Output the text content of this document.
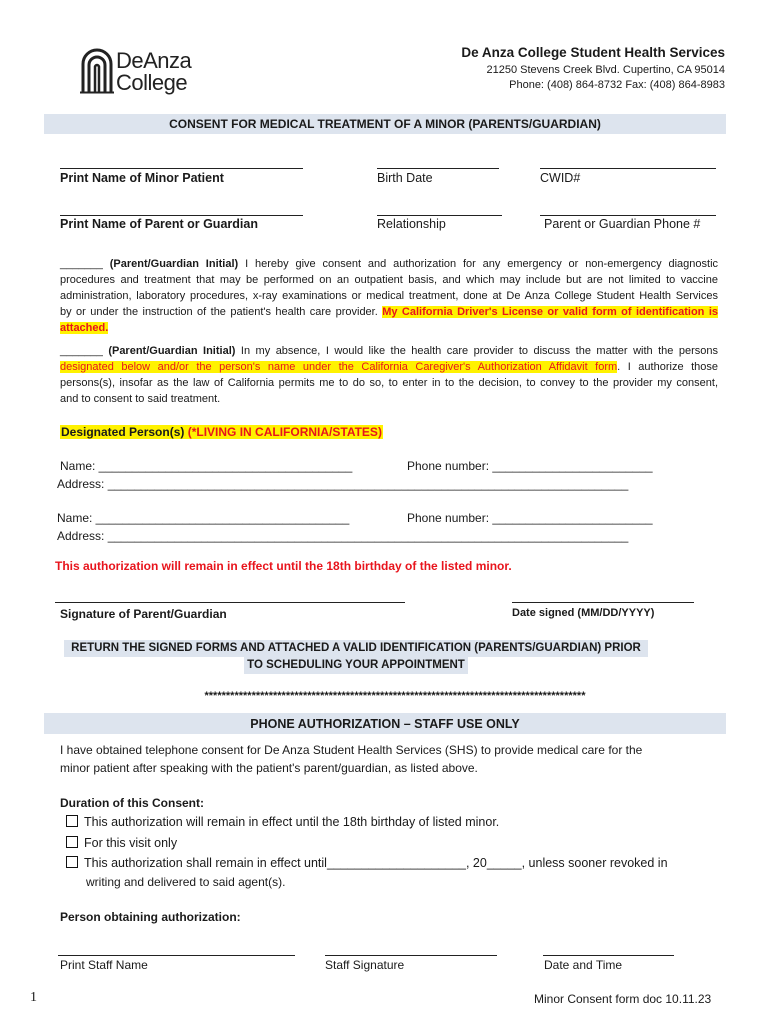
DeAnza
College
De Anza College Student Health Services
21250 Stevens Creek Blvd. Cupertino, CA 95014
Phone: (408) 864-8732 Fax: (408) 864-8983
CONSENT FOR MEDICAL TREATMENT OF A MINOR (PARENTS/GUARDIAN)
Print Name of Minor Patient	Birth Date	CWID#
Print Name of Parent or Guardian	Relationship	Parent or Guardian Phone #
_______ (Parent/Guardian Initial) I hereby give consent and authorization for any emergency or non-emergency diagnostic
procedures and treatment that may be performed on an outpatient basis, and which may include but are not limited to vaccine
administration, laboratory procedures, x-ray examinations or medical treatment, done at De Anza College Student Health Services
by or under the instruction of the patient's health care provider. My California Driver's License or valid form of identification is
attached.
_______ (Parent/Guardian Initial) In my absence, I would like the health care provider to discuss the matter with the persons
designated below and/or the person's name under the California Caregiver's Authorization Affidavit form. I authorize those
persons(s), insofar as the law of California permits me to do so, to enter in to the decision, to convey to the provider my consent,
and to consent to said treatment.
Designated Person(s) (*LIVING IN CALIFORNIA/STATES)
Name: ______________________________________	Phone number: ________________________
Address: ______________________________________________________________________________
Name: ______________________________________	Phone number: ________________________
Address: ______________________________________________________________________________
This authorization will remain in effect until the 18th birthday of the listed minor.
Signature of Parent/Guardian	Date signed (MM/DD/YYYY)
RETURN THE SIGNED FORMS AND ATTACHED A VALID IDENTIFICATION (PARENTS/GUARDIAN) PRIOR
TO SCHEDULING YOUR APPOINTMENT
*****************************************************************************************
PHONE AUTHORIZATION – STAFF USE ONLY
I have obtained telephone consent for De Anza Student Health Services (SHS) to provide medical care for the
minor patient after speaking with the patient's parent/guardian, as listed above.
Duration of this Consent:
This authorization will remain in effect until the 18th birthday of listed minor.
For this visit only
This authorization shall remain in effect until____________________, 20_____, unless sooner revoked in
writing and delivered to said agent(s).
Person obtaining authorization:
Print Staff Name	Staff Signature	Date and Time
1	Minor Consent form doc 10.11.23
